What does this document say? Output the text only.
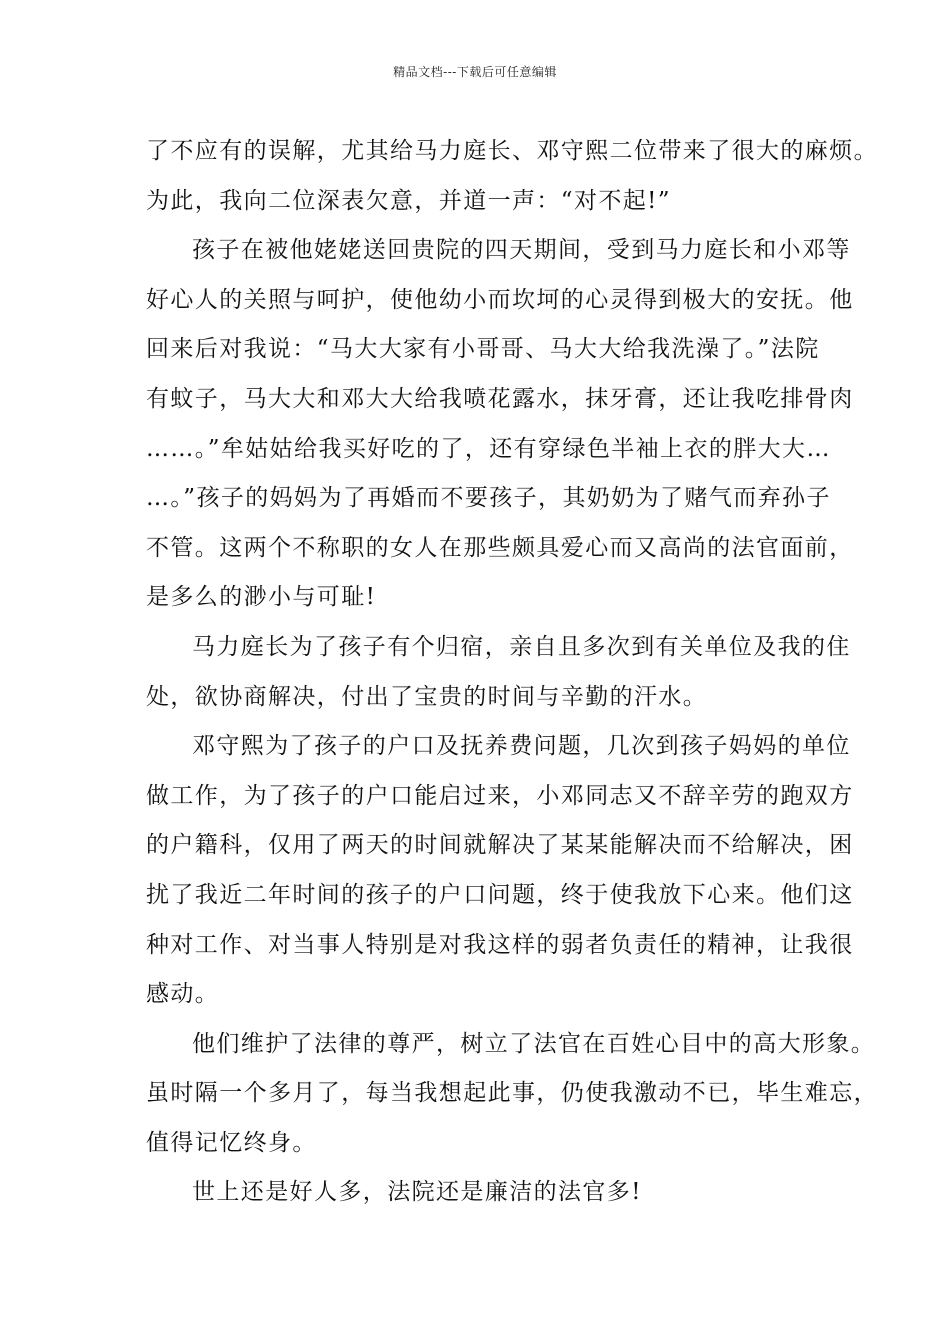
精品文档---下载后可任意编辑
了不应有的误解，尤其给马力庭长、邓守熙二位带来了很大的麻烦。
为此，我向二位深表欠意，并道一声：“对不起!”
孩子在被他姥姥送回贵院的四天期间，受到马力庭长和小邓等
好心人的关照与呵护，使他幼小而坎坷的心灵得到极大的安抚。他
回来后对我说：“马大大家有小哥哥、马大大给我洗澡了。”法院
有蚊子，马大大和邓大大给我喷花露水，抹牙膏，还让我吃排骨肉
……。”牟姑姑给我买好吃的了，还有穿绿色半袖上衣的胖大大…
…。”孩子的妈妈为了再婚而不要孩子，其奶奶为了赌气而弃孙子
不管。这两个不称职的女人在那些颇具爱心而又高尚的法官面前，
是多么的渺小与可耻!
马力庭长为了孩子有个归宿，亲自且多次到有关单位及我的住
处，欲协商解决，付出了宝贵的时间与辛勤的汗水。
邓守熙为了孩子的户口及抚养费问题，几次到孩子妈妈的单位
做工作，为了孩子的户口能启过来，小邓同志又不辞辛劳的跑双方
的户籍科，仅用了两天的时间就解决了某某能解决而不给解决，困
扰了我近二年时间的孩子的户口问题，终于使我放下心来。他们这
种对工作、对当事人特别是对我这样的弱者负责任的精神，让我很
感动。
他们维护了法律的尊严，树立了法官在百姓心目中的高大形象。
虽时隔一个多月了，每当我想起此事，仍使我激动不已，毕生难忘，
值得记忆终身。
世上还是好人多，法院还是廉洁的法官多!
